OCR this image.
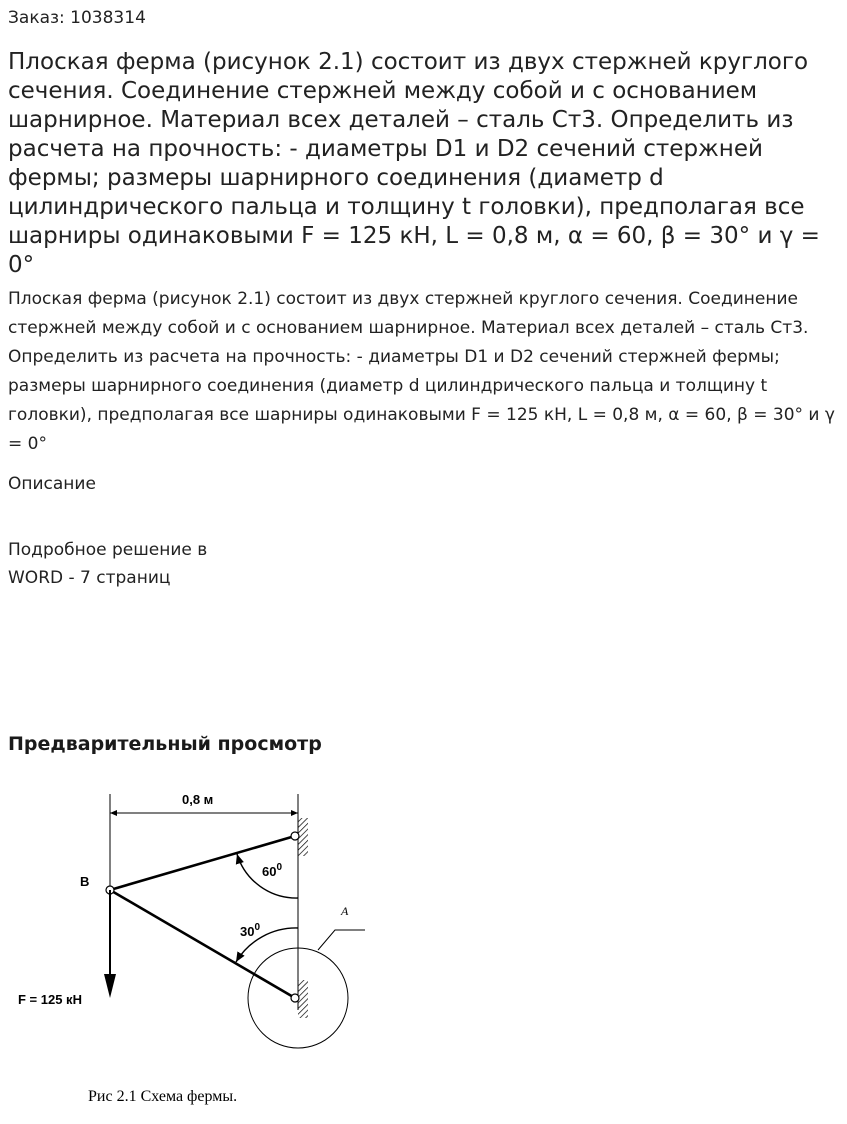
Заказ: 1038314
Плоская ферма (рисунок 2.1) состоит из двух стержней круглого сечения. Соединение стержней между собой и с основанием шарнирное. Материал всех деталей – сталь Ст3. Определить из расчета на прочность: - диаметры D1 и D2 сечений стержней фермы; размеры шарнирного соединения (диаметр d цилиндрического пальца и толщину t головки), предполагая все шарниры одинаковыми F = 125 кН, L = 0,8 м, α = 60, β = 30° и γ = 0°

Плоская ферма (рисунок 2.1) состоит из двух стержней круглого сечения. Соединение стержней между собой и с основанием шарнирное. Материал всех деталей – сталь Ст3. Определить из расчета на прочность: - диаметры D1 и D2 сечений стержней фермы; размеры шарнирного соединения (диаметр d цилиндрического пальца и толщину t головки), предполагая все шарниры одинаковыми F = 125 кН, L = 0,8 м, α = 60, β = 30° и γ = 0°

Описание
Подробное решение в
WORD - 7 страниц
Предварительный просмотр
0,8 м
B
$60^0$
$30^0$
A
F = 125 кН
Рис 2.1 Схема фермы.
